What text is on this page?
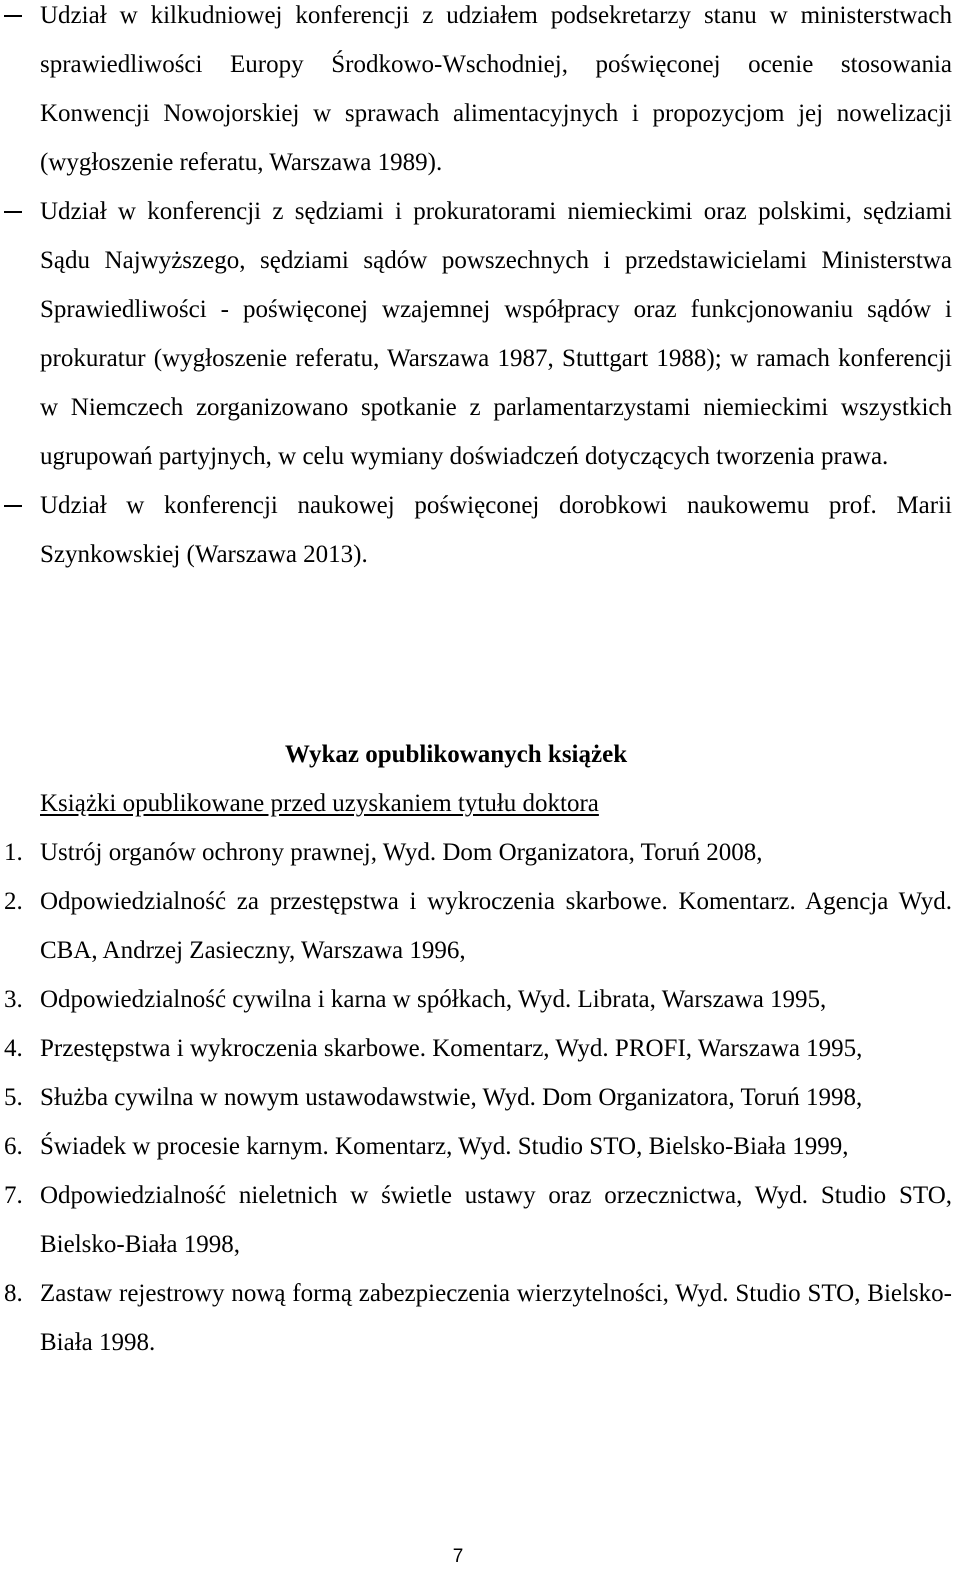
Udział w kilkudniowej konferencji z udziałem podsekretarzy stanu w ministerstwach sprawiedliwości Europy Środkowo-Wschodniej, poświęconej ocenie stosowania Konwencji Nowojorskiej w sprawach alimentacyjnych i propozycjom jej nowelizacji (wygłoszenie referatu, Warszawa 1989).
Udział w konferencji z sędziami i prokuratorami niemieckimi oraz polskimi, sędziami Sądu Najwyższego, sędziami sądów powszechnych i przedstawicielami Ministerstwa Sprawiedliwości - poświęconej wzajemnej współpracy oraz funkcjonowaniu sądów i prokuratur (wygłoszenie referatu, Warszawa 1987, Stuttgart 1988); w ramach konferencji w Niemczech zorganizowano spotkanie z parlamentarzystami niemieckimi wszystkich ugrupowań partyjnych, w celu wymiany doświadczeń dotyczących tworzenia prawa.
Udział w konferencji naukowej poświęconej dorobkowi naukowemu prof. Marii Szynkowskiej (Warszawa 2013).
Wykaz opublikowanych książek

Książki opublikowane przed uzyskaniem tytułu doktora

1. Ustrój organów ochrony prawnej, Wyd. Dom Organizatora, Toruń 2008,
2. Odpowiedzialność za przestępstwa i wykroczenia skarbowe. Komentarz. Agencja Wyd. CBA, Andrzej Zasieczny, Warszawa 1996,
3. Odpowiedzialność cywilna i karna w spółkach, Wyd. Librata, Warszawa 1995,
4. Przestępstwa i wykroczenia skarbowe. Komentarz, Wyd. PROFI, Warszawa 1995,
5. Służba cywilna w nowym ustawodawstwie, Wyd. Dom Organizatora, Toruń 1998,
6. Świadek w procesie karnym. Komentarz, Wyd. Studio STO, Bielsko-Biała 1999,
7. Odpowiedzialność nieletnich w świetle ustawy oraz orzecznictwa, Wyd. Studio STO, Bielsko-Biała 1998,
8. Zastaw rejestrowy nową formą zabezpieczenia wierzytelności, Wyd. Studio STO, Bielsko-Biała 1998.
7
